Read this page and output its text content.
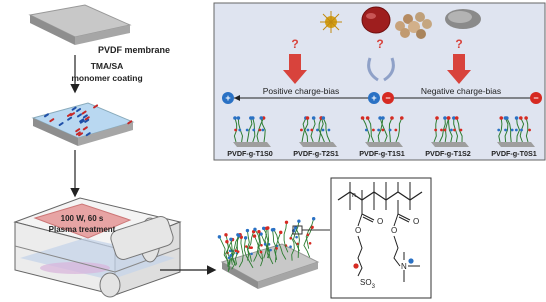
PVDF membrane
TMA/SA
monomer coating
100 W, 60 s
Plasma treatment
n
O	O
O	O
$SO_3$
N
?	?	?
+	+ −	−
Positive charge-bias	Negative charge-bias
PVDF-g-T1S0	PVDF-g-T2S1	PVDF-g-T1S1	PVDF-g-T1S2	PVDF-g-T0S1
